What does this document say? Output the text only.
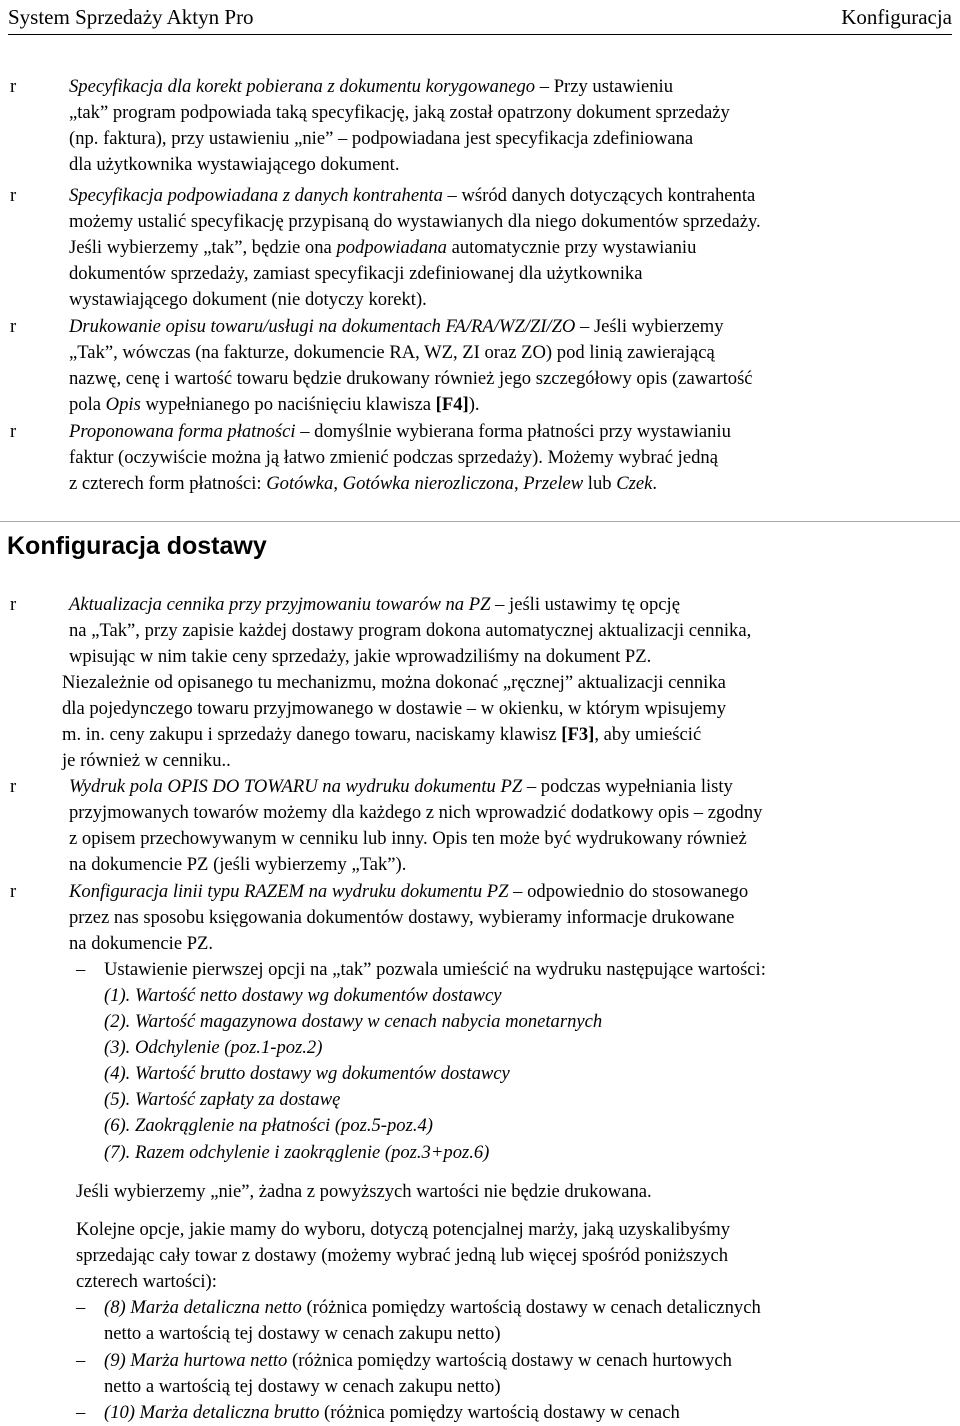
System Sprzedaży Aktyn Pro	Konfiguracja
r	Specyfikacja dla korekt pobierana z dokumentu korygowanego – Przy ustawieniu
„tak” program podpowiada taką specyfikację, jaką został opatrzony dokument sprzedaży
(np. faktura), przy ustawieniu „nie” – podpowiadana jest specyfikacja zdefiniowana
dla użytkownika wystawiającego dokument.
r	Specyfikacja podpowiadana z danych kontrahenta – wśród danych dotyczących kontrahenta
możemy ustalić specyfikację przypisaną do wystawianych dla niego dokumentów sprzedaży.
Jeśli wybierzemy „tak”, będzie ona podpowiadana automatycznie przy wystawianiu
dokumentów sprzedaży, zamiast specyfikacji zdefiniowanej dla użytkownika
wystawiającego dokument (nie dotyczy korekt).
r	Drukowanie opisu towaru/usługi na dokumentach FA/RA/WZ/ZI/ZO – Jeśli wybierzemy
„Tak”, wówczas (na fakturze, dokumencie RA, WZ, ZI oraz ZO) pod linią zawierającą
nazwę, cenę i wartość towaru będzie drukowany również jego szczegółowy opis (zawartość
pola Opis wypełnianego po naciśnięciu klawisza [F4]).
r	Proponowana forma płatności – domyślnie wybierana forma płatności przy wystawianiu
faktur (oczywiście można ją łatwo zmienić podczas sprzedaży). Możemy wybrać jedną
z czterech form płatności: Gotówka, Gotówka nierozliczona, Przelew lub Czek.
Konfiguracja dostawy
r	Aktualizacja cennika przy przyjmowaniu towarów na PZ – jeśli ustawimy tę opcję
na „Tak”, przy zapisie każdej dostawy program dokona automatycznej aktualizacji cennika,
wpisując w nim takie ceny sprzedaży, jakie wprowadziliśmy na dokument PZ.
Niezależnie od opisanego tu mechanizmu, można dokonać „ręcznej” aktualizacji cennika
dla pojedynczego towaru przyjmowanego w dostawie – w okienku, w którym wpisujemy
m. in. ceny zakupu i sprzedaży danego towaru, naciskamy klawisz [F3], aby umieścić
je również w cenniku..
r	Wydruk pola OPIS DO TOWARU na wydruku dokumentu PZ – podczas wypełniania listy
przyjmowanych towarów możemy dla każdego z nich wprowadzić dodatkowy opis – zgodny
z opisem przechowywanym w cenniku lub inny. Opis ten może być wydrukowany również
na dokumencie PZ (jeśli wybierzemy „Tak”).
r	Konfiguracja linii typu RAZEM na wydruku dokumentu PZ – odpowiednio do stosowanego
przez nas sposobu księgowania dokumentów dostawy, wybieramy informacje drukowane
na dokumencie PZ.
– Ustawienie pierwszej opcji na „tak” pozwala umieścić na wydruku następujące wartości:
(1). Wartość netto dostawy wg dokumentów dostawcy
(2). Wartość magazynowa dostawy w cenach nabycia monetarnych
(3). Odchylenie (poz.1-poz.2)
(4). Wartość brutto dostawy wg dokumentów dostawcy
(5). Wartość zapłaty za dostawę
(6). Zaokrąglenie na płatności (poz.5-poz.4)
(7). Razem odchylenie i zaokrąglenie (poz.3+poz.6)
Jeśli wybierzemy „nie”, żadna z powyższych wartości nie będzie drukowana.
Kolejne opcje, jakie mamy do wyboru, dotyczą potencjalnej marży, jaką uzyskalibyśmy
sprzedając cały towar z dostawy (możemy wybrać jedną lub więcej spośród poniższych
czterech wartości):
– (8) Marża detaliczna netto (różnica pomiędzy wartością dostawy w cenach detalicznych
netto a wartością tej dostawy w cenach zakupu netto)
– (9) Marża hurtowa netto (różnica pomiędzy wartością dostawy w cenach hurtowych
netto a wartością tej dostawy w cenach zakupu netto)
– (10) Marża detaliczna brutto (różnica pomiędzy wartością dostawy w cenach
